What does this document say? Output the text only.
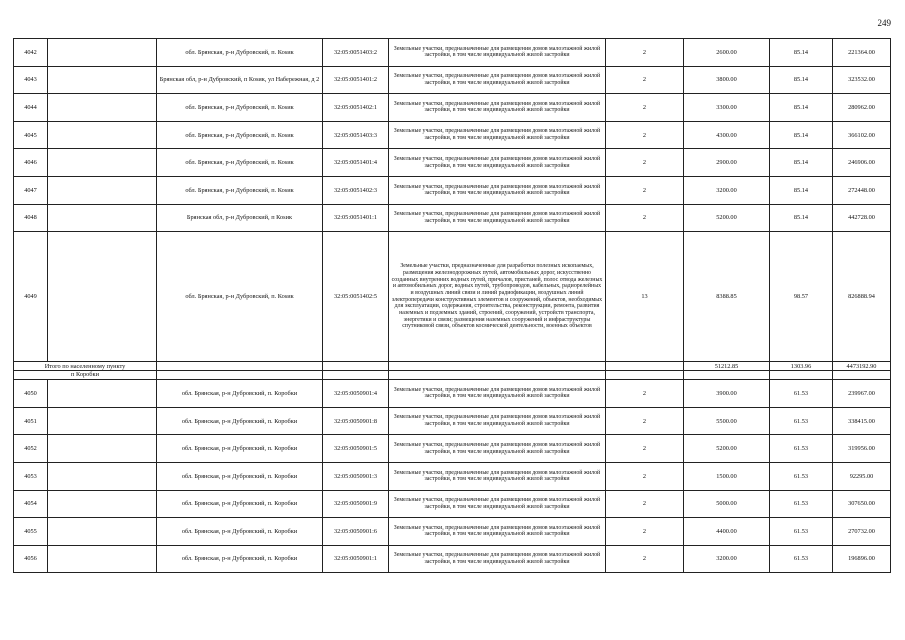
249
4042		обл. Брянская, р-н Дубровский, п. Коsик	32:05:0051403:2	Земельные участки, предназначенные для размещения домов малоэтажной жилой застройки, в том числе индивидуальной жилой застройки	2	2600.00	85.14	221364.00
4043		Брянская обл, р-н Дубровский, п Коsик, ул Набережная, д 2	32:05:0051401:2	Земельные участки, предназначенные для размещения домов малоэтажной жилой застройки, в том числе индивидуальной жилой застройки	2	3800.00	85.14	323532.00
4044		обл. Брянская, р-н Дубровский, п. Коsик	32:05:0051402:1	Земельные участки, предназначенные для размещения домов малоэтажной жилой застройки, в том числе индивидуальной жилой застройки	2	3300.00	85.14	280962.00
4045		обл. Брянская, р-н Дубровский, п. Коsик	32:05:0051403:3	Земельные участки, предназначенные для размещения домов малоэтажной жилой застройки, в том числе индивидуальной жилой застройки	2	4300.00	85.14	366102.00
4046		обл. Брянская, р-н Дубровский, п. Коsик	32:05:0051401:4	Земельные участки, предназначенные для размещения домов малоэтажной жилой застройки, в том числе индивидуальной жилой застройки	2	2900.00	85.14	246906.00
4047		обл. Брянская, р-н Дубровский, п. Коsик	32:05:0051402:3	Земельные участки, предназначенные для размещения домов малоэтажной жилой застройки, в том числе индивидуальной жилой застройки	2	3200.00	85.14	272448.00
4048		Брянская обл, р-н Дубровский, п Коsик	32:05:0051401:1	Земельные участки, предназначенные для размещения домов малоэтажной жилой застройки, в том числе индивидуальной жилой застройки	2	5200.00	85.14	442728.00
4049		обл. Брянская, р-н Дубровский, п. Коsик	32:05:0051402:5	Земельные участки, предназначенные для разработки полезных ископаемых, размещения железнодорожных путей, автомобильных дорог, искусственно созданных внутренних водных путей, причалов, пристаней, полос отвода железных и автомобильных дорог, водных путей, трубопроводов, кабельных, радиорелейных и воздушных линий связи и линий радиофикации, воздушных линий электропередачи конструктивных элементов и сооружений, объектов, необходимых для эксплуатации, содержания, строительства, реконструкции, ремонта, развития наземных и подземных зданий, строений, сооружений, устройств транспорта, энергетики и связи; размещения наземных сооружений и инфраструктуры спутниковой связи, объектов космической деятельности, военных объектов	13	8388.85	98.57	826888.94
Итого по населенному пункту						51212.85	1303.96	4473192.90
п Коробки								
4050		обл. Брянская, р-н Дубровский, п. Коробки	32:05:0050901:4	Земельные участки, предназначенные для размещения домов малоэтажной жилой застройки, в том числе индивидуальной жилой застройки	2	3900.00	61.53	239967.00
4051		обл. Брянская, р-н Дубровский, п. Коробки	32:05:0050901:8	Земельные участки, предназначенные для размещения домов малоэтажной жилой застройки, в том числе индивидуальной жилой застройки	2	5500.00	61.53	338415.00
4052		обл. Брянская, р-н Дубровский, п. Коробки	32:05:0050901:5	Земельные участки, предназначенные для размещения домов малоэтажной жилой застройки, в том числе индивидуальной жилой застройки	2	5200.00	61.53	319956.00
4053		обл. Брянская, р-н Дубровский, п. Коробки	32:05:0050901:3	Земельные участки, предназначенные для размещения домов малоэтажной жилой застройки, в том числе индивидуальной жилой застройки	2	1500.00	61.53	92295.00
4054		обл. Брянская, р-н Дубровский, п. Коробки	32:05:0050901:9	Земельные участки, предназначенные для размещения домов малоэтажной жилой застройки, в том числе индивидуальной жилой застройки	2	5000.00	61.53	307650.00
4055		обл. Брянская, р-н Дубровский, п. Коробки	32:05:0050901:6	Земельные участки, предназначенные для размещения домов малоэтажной жилой застройки, в том числе индивидуальной жилой застройки	2	4400.00	61.53	270732.00
4056		обл. Брянская, р-н Дубровский, п. Коробки	32:05:0050901:1	Земельные участки, предназначенные для размещения домов малоэтажной жилой застройки, в том числе индивидуальной жилой застройки	2	3200.00	61.53	196896.00
